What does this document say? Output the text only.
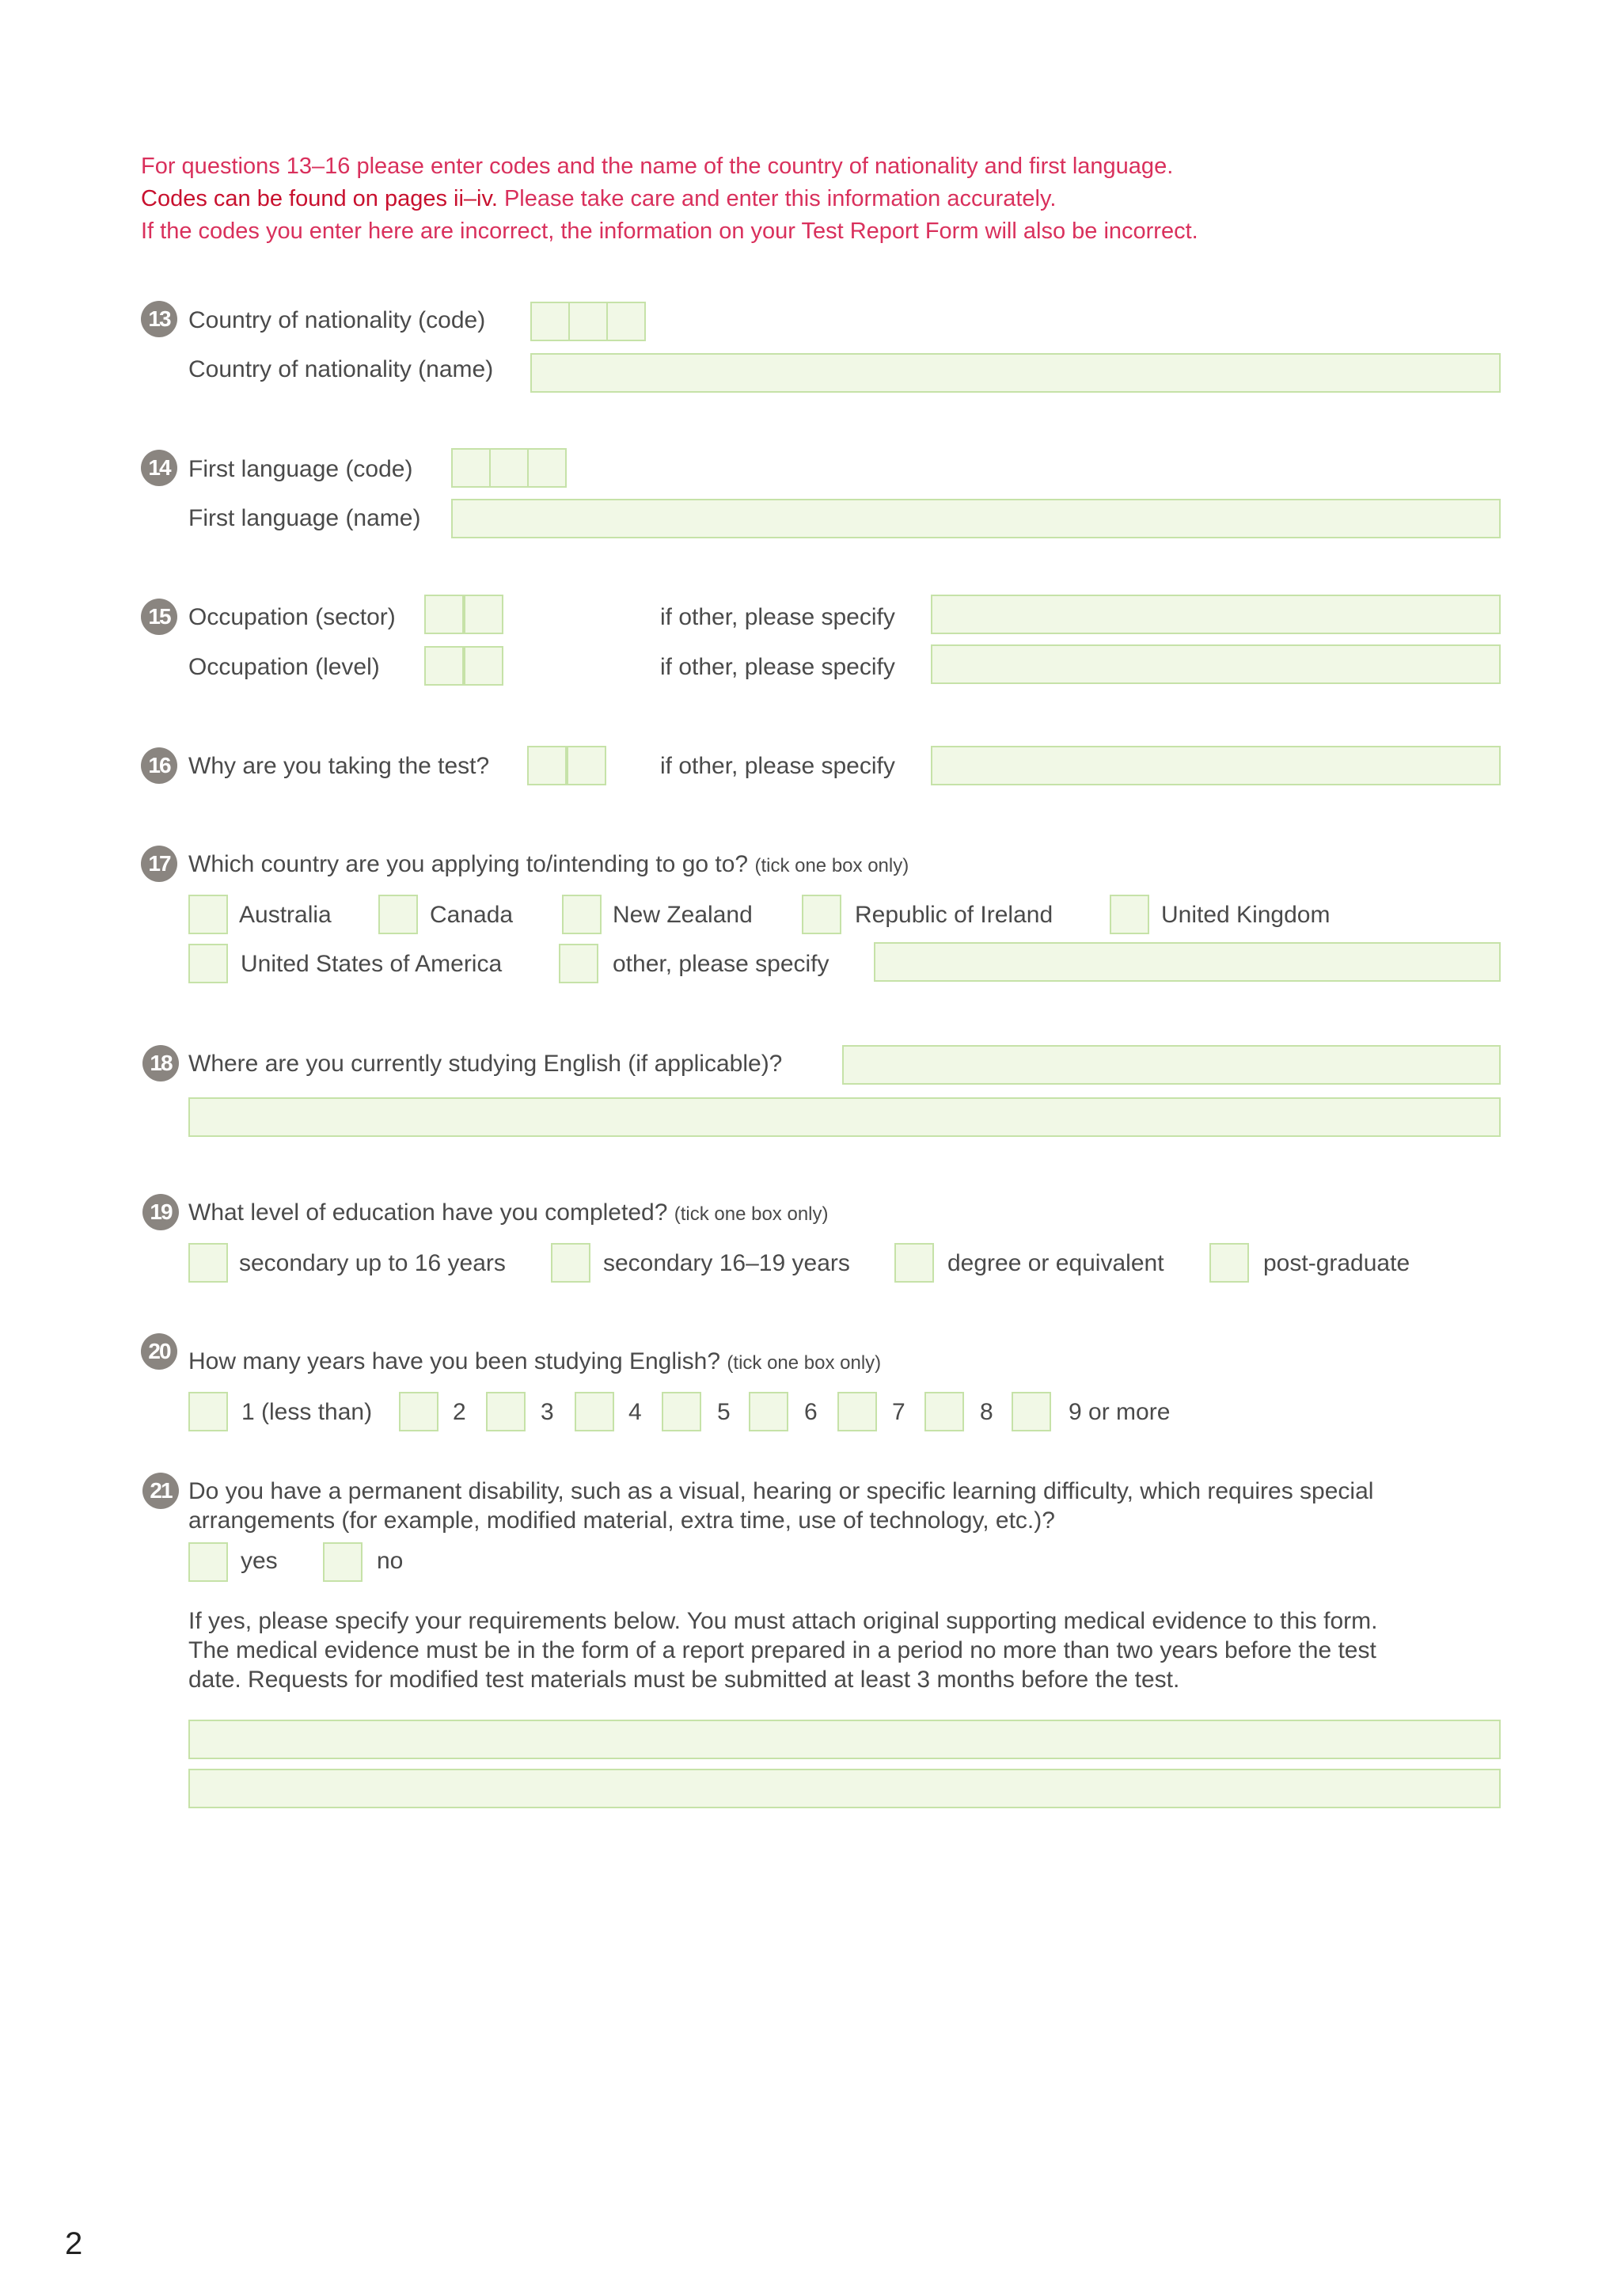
For questions 13–16 please enter codes and the name of the country of nationality and first language.
Codes can be found on pages ii–iv. Please take care and enter this information accurately.
If the codes you enter here are incorrect, the information on your Test Report Form will also be incorrect.
13 Country of nationality (code)
Country of nationality (name)
14 First language (code)
First language (name)
15 Occupation (sector)	if other, please specify
Occupation (level)	if other, please specify
16 Why are you taking the test?	if other, please specify
17 Which country are you applying to/intending to go to? (tick one box only)
Australia	Canada	New Zealand	Republic of Ireland	United Kingdom
United States of America	other, please specify
18 Where are you currently studying English (if applicable)?
19 What level of education have you completed? (tick one box only)
secondary up to 16 years	secondary 16–19 years	degree or equivalent	post-graduate
20 How many years have you been studying English? (tick one box only)
1 (less than)	2	3	4	5	6	7	8	9 or more
21 Do you have a permanent disability, such as a visual, hearing or specific learning difficulty, which requires special
arrangements (for example, modified material, extra time, use of technology, etc.)?
yes	no
If yes, please specify your requirements below. You must attach original supporting medical evidence to this form.
The medical evidence must be in the form of a report prepared in a period no more than two years before the test
date. Requests for modified test materials must be submitted at least 3 months before the test.
2
